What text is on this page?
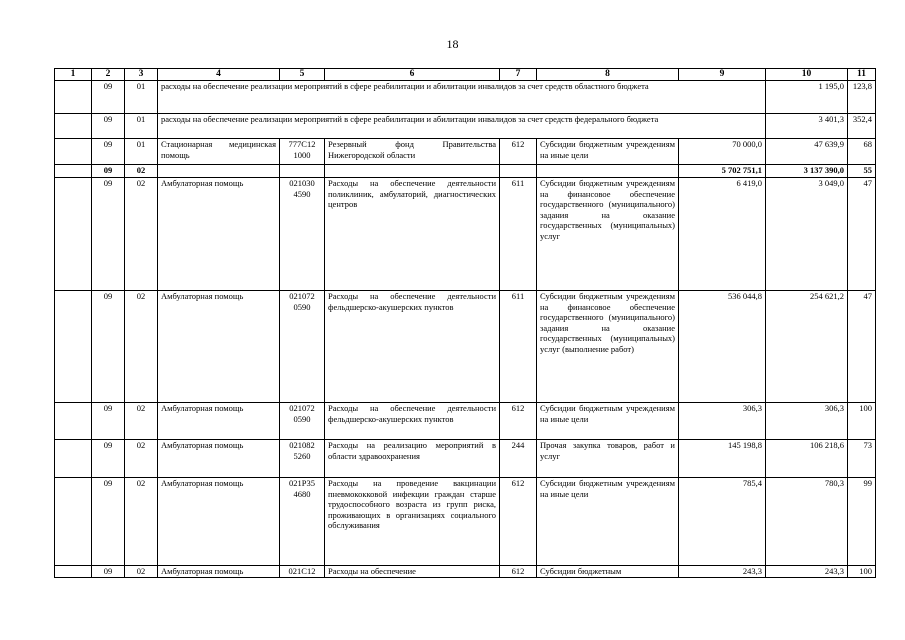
18
1	2	3	4	5	6	7	8	9	10	11	
	09	01	расходы на обеспечение реализации мероприятий в сфере реабилитации и абилитации инвалидов за счет средств областного бюджета						1 195,0	123,8	
	09	01	расходы на обеспечение реализации мероприятий в сфере реабилитации и абилитации инвалидов за счет средств федерального бюджета						3 401,3	352,4	
	09	01	Стационарная медицинская помощь	777С12 1000	Резервный фонд Правительства Нижегородской области	612	Субсидии бюджетным учреждениям на иные цели	70 000,0	47 639,9	68	
	09	02						5 702 751,1	3 137 390,0	55	
	09	02	Амбулаторная помощь	021030 4590	Расходы на обеспечение деятельности поликлиник, амбулаторий, диагностических центров	611	Субсидии бюджетным учреждениям на финансовое обеспечение государственного (муниципального) задания на оказание государственных (муниципальных) услуг	6 419,0	3 049,0	47	
	09	02	Амбулаторная помощь	021072 0590	Расходы на обеспечение деятельности фельдшерско-акушерских пунктов	611	Субсидии бюджетным учреждениям на финансовое обеспечение государственного (муниципального) задания на оказание государственных (муниципальных) услуг (выполнение работ)	536 044,8	254 621,2	47	
	09	02	Амбулаторная помощь	021072 0590	Расходы на обеспечение деятельности фельдшерско-акушерских пунктов	612	Субсидии бюджетным учреждениям на иные цели	306,3	306,3	100	
	09	02	Амбулаторная помощь	021082 5260	Расходы на реализацию мероприятий в области здравоохранения	244	Прочая закупка товаров, работ и услуг	145 198,8	106 218,6	73	
	09	02	Амбулаторная помощь	021P35 4680	Расходы на проведение вакцинации пневмококковой инфекции граждан старше трудоспособного возраста из групп риска, проживающих в организациях социального обслуживания	612	Субсидии бюджетным учреждениям на иные цели	785,4	780,3	99	
	09	02	Амбулаторная помощь	021С12	Расходы на обеспечение	612	Субсидии бюджетным	243,3	243,3	100	
